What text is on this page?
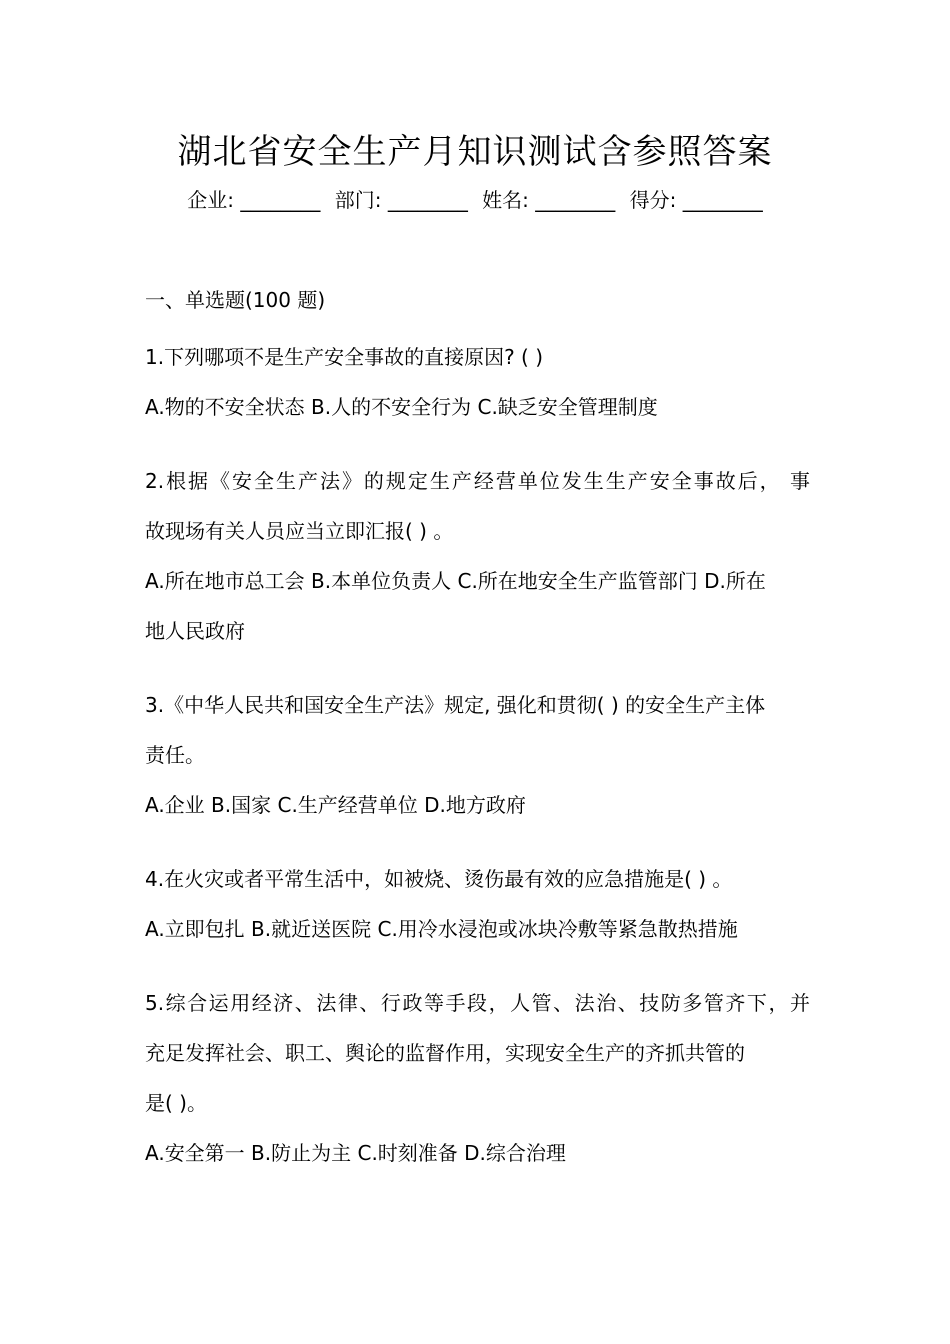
湖北省安全生产月知识测试含参照答案
企业: ________ 部门: ________ 姓名: ________ 得分: ________
一、单选题(100 题)
1.下列哪项不是生产安全事故的直接原因? ( )
A.物的不安全状态 B.人的不安全行为 C.缺乏安全管理制度
2.根据《安全生产法》的规定生产经营单位发生生产安全事故后， 事
故现场有关人员应当立即汇报( ) 。
A.所在地市总工会 B.本单位负责人 C.所在地安全生产监管部门 D.所在
地人民政府
3.《中华人民共和国安全生产法》规定, 强化和贯彻( ) 的安全生产主体
责任。
A.企业 B.国家 C.生产经营单位 D.地方政府
4.在火灾或者平常生活中，如被烧、烫伤最有效的应急措施是( ) 。
A.立即包扎 B.就近送医院 C.用冷水浸泡或冰块冷敷等紧急散热措施
5.综合运用经济、法律、行政等手段，人管、法治、技防多管齐下，并
充足发挥社会、职工、舆论的监督作用，实现安全生产的齐抓共管的
是( )。
A.安全第一 B.防止为主 C.时刻准备 D.综合治理
